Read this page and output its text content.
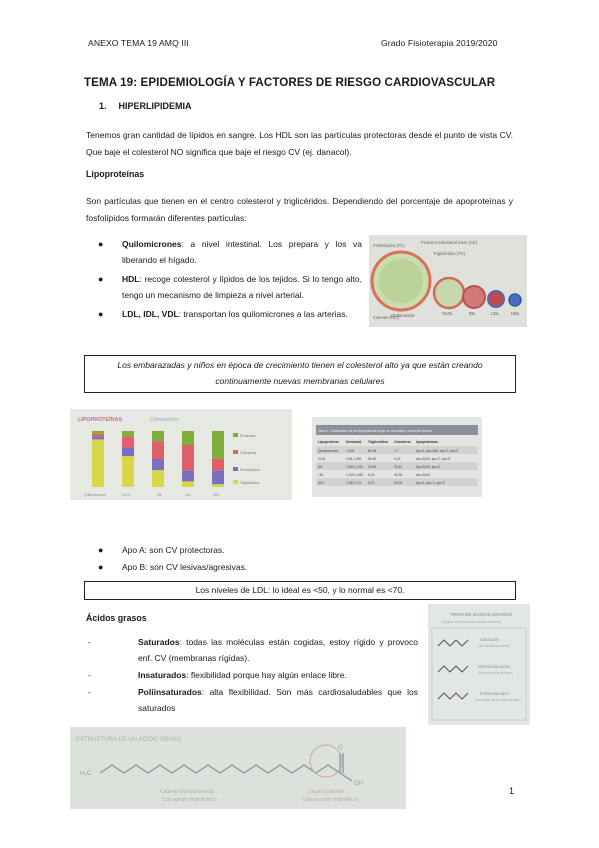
ANEXO TEMA 19 AMQ III	Grado Fisioterapia 2019/2020
TEMA 19: EPIDEMIOLOGÍA Y FACTORES DE RIESGO CARDIOVASCULAR
1. HIPERLIPIDEMIA
Tenemos gran cantidad de lípidos en sangre. Los HDL son las partículas protectoras desde el punto de vista CV. Que baje el colesterol NO significa que baje el riesgo CV (ej. danacol).
Lipoproteínas
Son partículas que tienen en el centro colesterol y triglicéridos. Dependiendo del porcentaje de apoproteínas y fosfolípidos formarán diferentes partículas:
● Quilomicrones: a nivel intestinal. Los prepara y los va liberando el hígado.
● HDL: recoge colesterol y lípidos de los tejidos. Si lo tengo alto, tengo un mecanismo de limpieza a nivel arterial.
● LDL, IDL, VDL: transportan los quilomicrones a las arterias.
Fosfolípidos (PL)
Proteína Colesterol éster (CE)
Triglicéridos (TG)
Colesterol (C)
Quilomicrón	VLDL	IDL	LDL	HDL
Los embarazadas y niños en época de crecimiento tienen el colesterol alto ya que están creando continuamente nuevas membranas celulares
LIPOPROTEÍNAS	Composición
Proteínas
Colesterol
Fosfolípidos
Triglicéridos
Quilomicrones	VLDL	IDL	LDL	HDL
Tabla 1. Clasificación de las lipoproteínas según su densidad y contenido lipídico
Lipoproteína Densidad Triglicéridos Colesterol Apoproteínas
Quilomicrones <0,95	80-95	2-7	Apo A, apo B48, apo C, apo E
VLDL	0,95-1,006 55-80	5-15	Apo B100, apo C, apo E
IDL	1,006-1,019 20-50	20-40	Apo B100, apo E
LDL	1,019-1,063 5-15	40-50	Apo B100
HDL	1,063-1,21 5-10	15-25	Apo A, apo C, apo E
● Apo A: son CV protectoras.
● Apo B: son CV lesivas/agresivas.
Los niveles de LDL: lo ideal es <50, y lo normal es <70.
Ácidos grasos
-	Saturados: todas las moléculas están cogidas, estoy rígido y provoco enf. CV (membranas rígidas).
-	Insaturados: flexibilidad porque hay algún enlace libre.
-	Poliinsaturados: alta flexibilidad. Son más cardiosaludables que los saturados
TIPOS DE ÁCIDOS GRASOS
(según el número de dobles enlaces)
Saturados
(sin dobles enlaces)
Monoinsaturados
(con un doble enlace)
Poliinsaturados
(con más de un doble enlace)
ESTRUCTURA DE UN ÁCIDO GRASO
H₃C
O
OH
Cadena hidrocarbonada
Cola apolar (hidrofóbica)
Grupo Carboxilo
Cabeza polar (hidrofílica)
1
